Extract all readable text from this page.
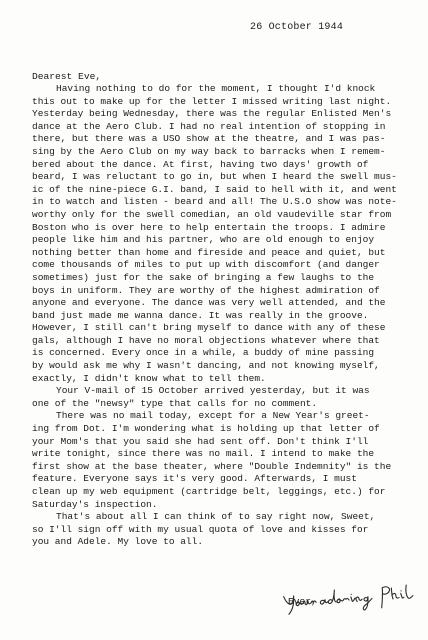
26 October 1944
Dearest Eve,
Having nothing to do for the moment, I thought I'd knock
this out to make up for the letter I missed writing last night.
Yesterday being Wednesday, there was the regular Enlisted Men's
dance at the Aero Club. I had no real intention of stopping in
there, but there was a USO show at the theatre, and I was pas-
sing by the Aero Club on my way back to barracks when I remem-
bered about the dance. At first, having two days' growth of
beard, I was reluctant to go in, but when I heard the swell mus-
ic of the nine-piece G.I. band, I said to hell with it, and went
in to watch and listen - beard and all! The U.S.O show was note-
worthy only for the swell comedian, an old vaudeville star from
Boston who is over here to help entertain the troops. I admire
people like him and his partner, who are old enough to enjoy
nothing better than home and fireside and peace and quiet, but
come thousands of miles to put up with discomfort (and danger
sometimes) just for the sake of bringing a few laughs to the
boys in uniform. They are worthy of the highest admiration of
anyone and everyone. The dance was very well attended, and the
band just made me wanna dance. It was really in the groove.
However, I still can't bring myself to dance with any of these
gals, although I have no moral objections whatever where that
is concerned. Every once in a while, a buddy of mine passing
by would ask me why I wasn't dancing, and not knowing myself,
exactly, I didn't know what to tell them.
Your V-mail of 15 October arrived yesterday, but it was
one of the "newsy" type that calls for no comment.
There was no mail today, except for a New Year's greet-
ing from Dot. I'm wondering what is holding up that letter of
your Mom's that you said she had sent off. Don't think I'll
write tonight, since there was no mail. I intend to make the
first show at the base theater, where "Double Indemnity" is the
feature. Everyone says it's very good. Afterwards, I must
clean up my web equipment (cartridge belt, leggings, etc.) for
Saturday's inspection.
That's about all I can think of to say right now, Sweet,
so I'll sign off with my usual quota of love and kisses for
you and Adele. My love to all.
Ever,
